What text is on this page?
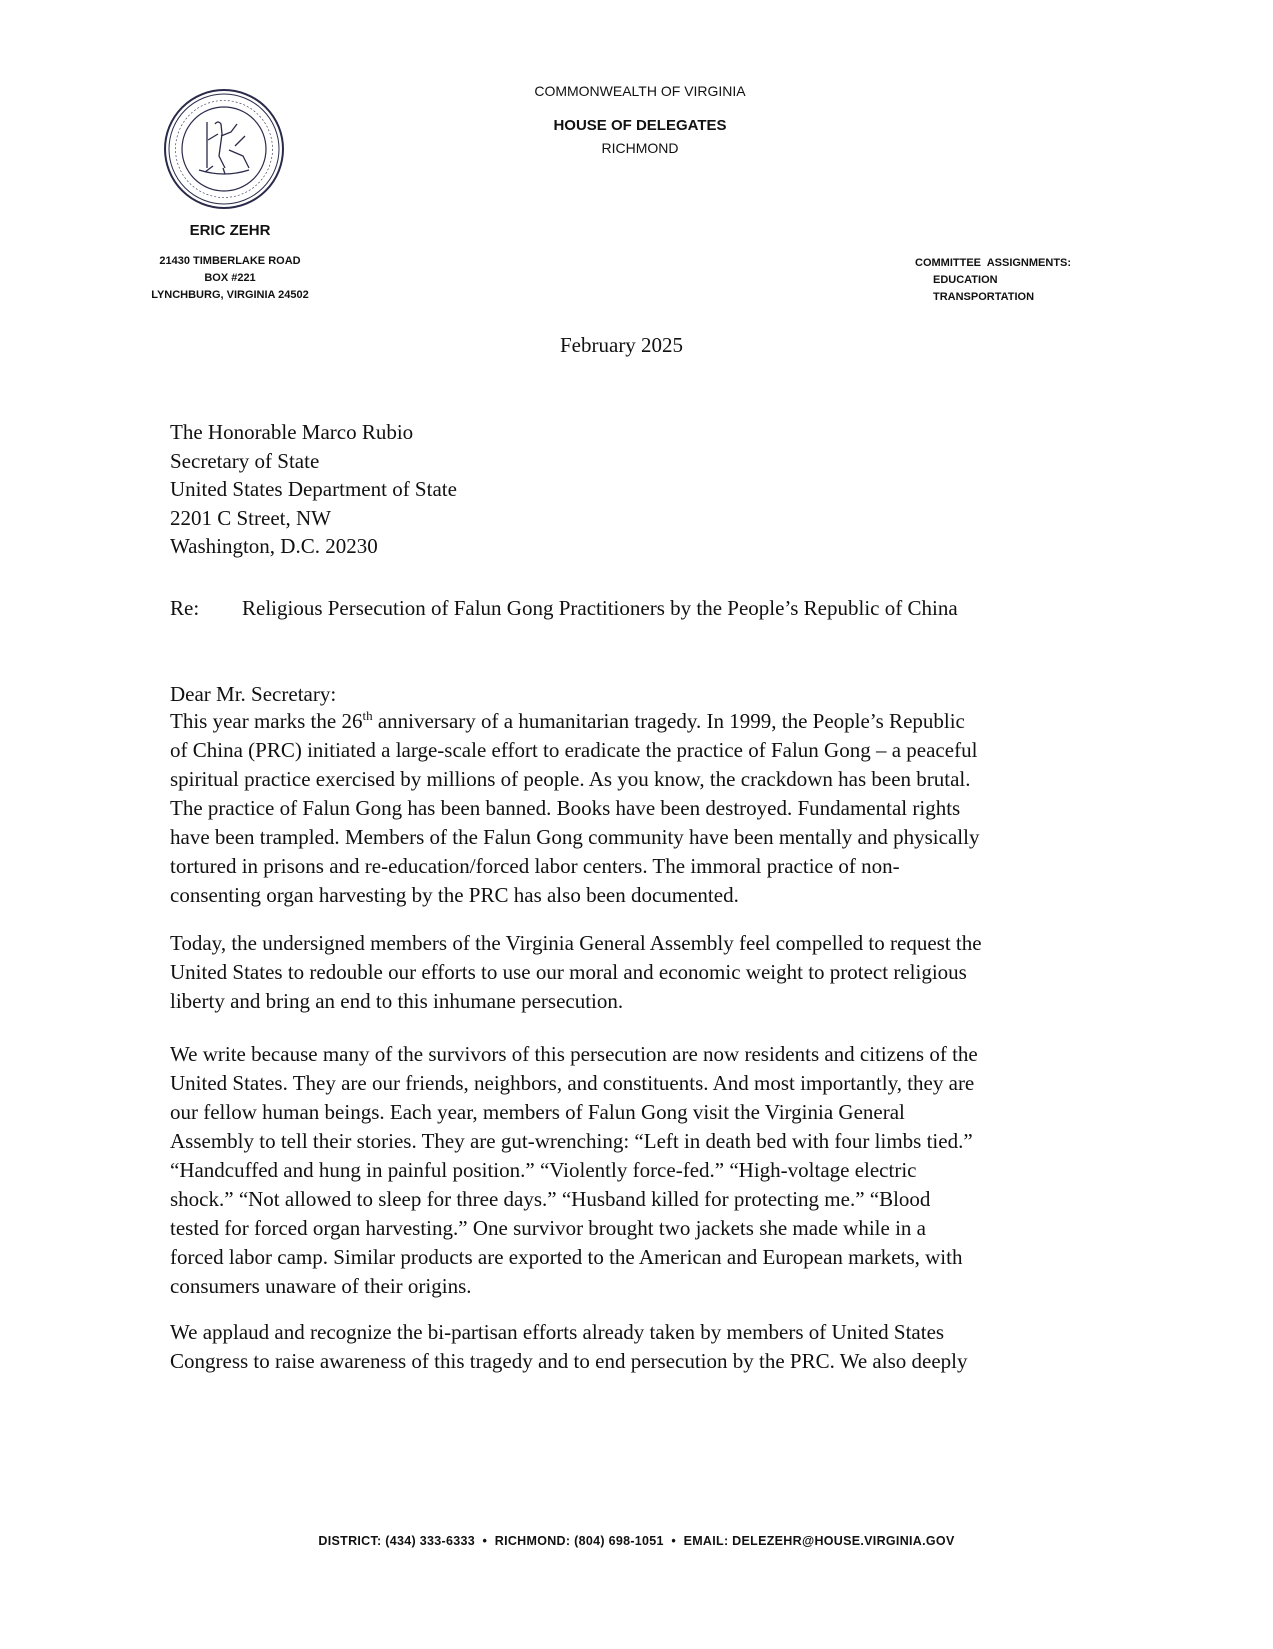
COMMONWEALTH OF VIRGINIA
HOUSE OF DELEGATES
RICHMOND
ERIC ZEHR
21430 TIMBERLAKE ROAD
BOX #221
LYNCHBURG, VIRGINIA 24502
COMMITTEE  ASSIGNMENTS:
EDUCATION
TRANSPORTATION
February 2025
The Honorable Marco Rubio
Secretary of State
United States Department of State
2201 C Street, NW
Washington, D.C. 20230
Re: Religious Persecution of Falun Gong Practitioners by the People’s Republic of China
Dear Mr. Secretary:
This year marks the 26th anniversary of a humanitarian tragedy. In 1999, the People’s Republic
of China (PRC) initiated a large-scale effort to eradicate the practice of Falun Gong – a peaceful
spiritual practice exercised by millions of people. As you know, the crackdown has been brutal.
The practice of Falun Gong has been banned. Books have been destroyed. Fundamental rights
have been trampled. Members of the Falun Gong community have been mentally and physically
tortured in prisons and re-education/forced labor centers. The immoral practice of non-
consenting organ harvesting by the PRC has also been documented.
Today, the undersigned members of the Virginia General Assembly feel compelled to request the
United States to redouble our efforts to use our moral and economic weight to protect religious
liberty and bring an end to this inhumane persecution.
We write because many of the survivors of this persecution are now residents and citizens of the
United States. They are our friends, neighbors, and constituents. And most importantly, they are
our fellow human beings. Each year, members of Falun Gong visit the Virginia General
Assembly to tell their stories. They are gut-wrenching: “Left in death bed with four limbs tied.”
“Handcuffed and hung in painful position.” “Violently force-fed.” “High-voltage electric
shock.” “Not allowed to sleep for three days.” “Husband killed for protecting me.” “Blood
tested for forced organ harvesting.” One survivor brought two jackets she made while in a
forced labor camp. Similar products are exported to the American and European markets, with
consumers unaware of their origins.
We applaud and recognize the bi-partisan efforts already taken by members of United States
Congress to raise awareness of this tragedy and to end persecution by the PRC. We also deeply
DISTRICT: (434) 333-6333  •  RICHMOND: (804) 698-1051  •  EMAIL: DELEZEHR@HOUSE.VIRGINIA.GOV
